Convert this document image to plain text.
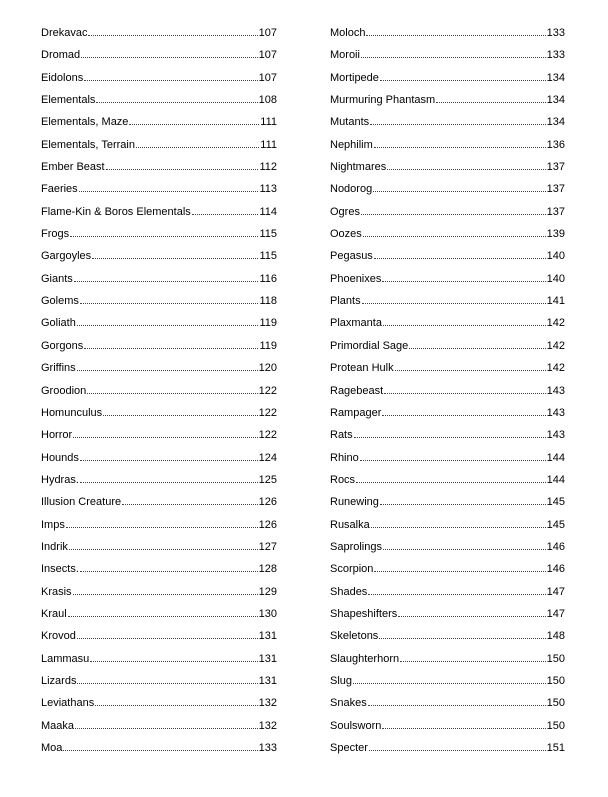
Drekavac	107
Dromad	107
Eidolons	107
Elementals	108
Elementals, Maze	111
Elementals, Terrain	111
Ember Beast	112
Faeries	113
Flame-Kin & Boros Elementals	114
Frogs	115
Gargoyles	115
Giants	116
Golems	118
Goliath	119
Gorgons	119
Griffins	120
Groodion	122
Homunculus	122
Horror	122
Hounds	124
Hydras.	125
Illusion Creature	126
Imps	126
Indrik	127
Insects.	128
Krasis	129
Kraul	130
Krovod	131
Lammasu	131
Lizards	131
Leviathans	132
Maaka	132
Moa	133
Moloch	133
Moroii	133
Mortipede	134
Murmuring Phantasm	134
Mutants	134
Nephilim	136
Nightmares	137
Nodorog	137
Ogres	137
Oozes	139
Pegasus	140
Phoenixes	140
Plants	141
Plaxmanta	142
Primordial Sage	142
Protean Hulk	142
Ragebeast	143
Rampager	143
Rats	143
Rhino	144
Rocs	144
Runewing	145
Rusalka	145
Saprolings	146
Scorpion	146
Shades	147
Shapeshifters	147
Skeletons	148
Slaughterhorn	150
Slug	150
Snakes	150
Soulsworn	150
Specter	151
